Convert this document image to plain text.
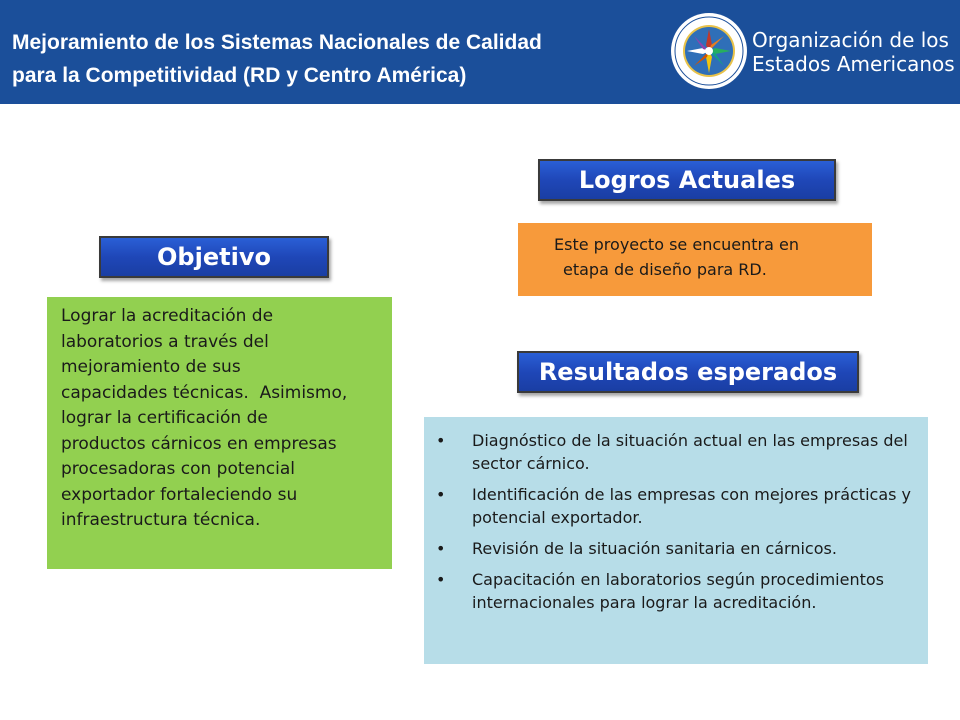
Mejoramiento de los Sistemas Nacionales de Calidad
para la Competitividad (RD y Centro América)
Organización de los
Estados Americanos
Objetivo
Lograr la acreditación de
laboratorios a través del
mejoramiento de sus
capacidades técnicas.  Asimismo,
lograr la certificación de
productos cárnicos en empresas
procesadoras con potencial
exportador fortaleciendo su
infraestructura técnica.
Logros Actuales
Este proyecto se encuentra en
etapa de diseño para RD.
Resultados esperados
•	Diagnóstico de la situación actual en las empresas del sector cárnico.
•	Identificación de las empresas con mejores prácticas y potencial exportador.
•	Revisión de la situación sanitaria en cárnicos.
•	Capacitación en laboratorios según procedimientos internacionales para lograr la acreditación.
